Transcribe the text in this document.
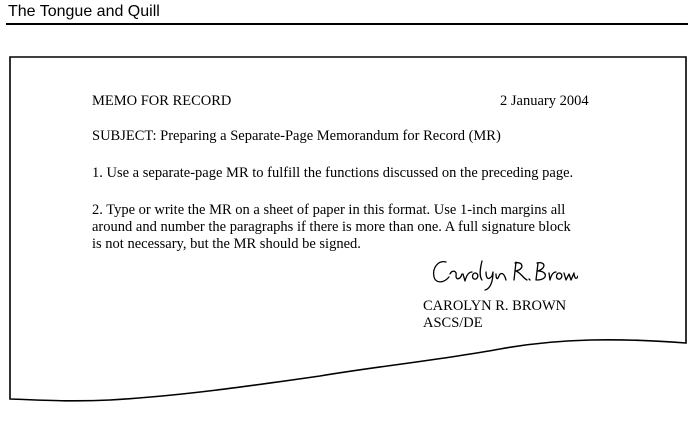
The Tongue and Quill
MEMO FOR RECORD	2 January 2004
SUBJECT: Preparing a Separate-Page Memorandum for Record (MR)
1. Use a separate-page MR to fulfill the functions discussed on the preceding page.
2. Type or write the MR on a sheet of paper in this format. Use 1-inch margins all
around and number the paragraphs if there is more than one. A full signature block
is not necessary, but the MR should be signed.
CAROLYN R. BROWN
ASCS/DE
